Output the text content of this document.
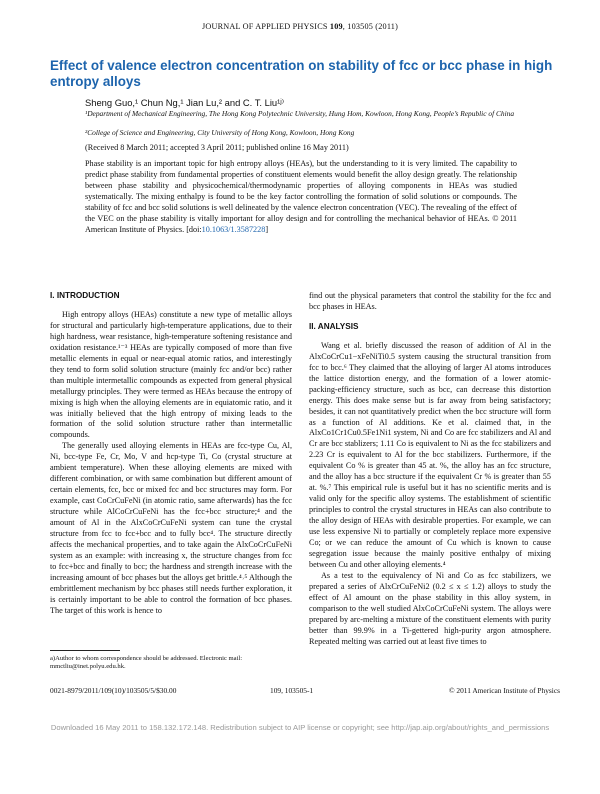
JOURNAL OF APPLIED PHYSICS 109, 103505 (2011)
Effect of valence electron concentration on stability of fcc or bcc phase in high entropy alloys
Sheng Guo,¹ Chun Ng,¹ Jian Lu,² and C. T. Liu¹ʲ⁾
¹Department of Mechanical Engineering, The Hong Kong Polytechnic University, Hung Hom, Kowloon, Hong Kong, People’s Republic of China
²College of Science and Engineering, City University of Hong Kong, Kowloon, Hong Kong
(Received 8 March 2011; accepted 3 April 2011; published online 16 May 2011)
Phase stability is an important topic for high entropy alloys (HEAs), but the understanding to it is very limited. The capability to predict phase stability from fundamental properties of constituent elements would benefit the alloy design greatly. The relationship between phase stability and physicochemical/thermodynamic properties of alloying components in HEAs was studied systematically. The mixing enthalpy is found to be the key factor controlling the formation of solid solutions or compounds. The stability of fcc and bcc solid solutions is well delineated by the valence electron concentration (VEC). The revealing of the effect of the VEC on the phase stability is vitally important for alloy design and for controlling the mechanical behavior of HEAs. © 2011 American Institute of Physics. [doi:10.1063/1.3587228]
I. INTRODUCTION

High entropy alloys (HEAs) constitute a new type of metallic alloys for structural and particularly high-temperature applications, due to their high hardness, wear resistance, high-temperature softening resistance and oxidation resistance.¹⁻³ HEAs are typically composed of more than five metallic elements in equal or near-equal atomic ratios, and interestingly they tend to form solid solution structure (mainly fcc and/or bcc) rather than multiple intermetallic compounds as expected from general physical metallurgy principles. They were termed as HEAs because the entropy of mixing is high when the alloying elements are in equiatomic ratio, and it was initially believed that the high entropy of mixing leads to the formation of the solid solution structure rather than intermetallic compounds.

The generally used alloying elements in HEAs are fcc-type Cu, Al, Ni, bcc-type Fe, Cr, Mo, V and hcp-type Ti, Co (crystal structure at ambient temperature). When these alloying elements are mixed with different combination, or with same combination but different amount of certain elements, fcc, bcc or mixed fcc and bcc structures may form. For example, cast CoCrCuFeNi (in atomic ratio, same afterwards) has the fcc structure while AlCoCrCuFeNi has the fcc+bcc structure;⁴ and the amount of Al in the AlxCoCrCuFeNi system can tune the crystal structure from fcc to fcc+bcc and to fully bcc⁴. The structure directly affects the mechanical properties, and to take again the AlxCoCrCuFeNi system as an example: with increasing x, the structure changes from fcc to fcc+bcc and finally to bcc; the hardness and strength increase with the increasing amount of bcc phases but the alloys get brittle.⁴˒⁵ Although the embrittlement mechanism by bcc phases still needs further exploration, it is certainly important to be able to control the formation of bcc phases. The target of this work is hence to

find out the physical parameters that control the stability for the fcc and bcc phases in HEAs.

II. ANALYSIS

Wang et al. briefly discussed the reason of addition of Al in the AlxCoCrCu1−xFeNiTi0.5 system causing the structural transition from fcc to bcc.⁶ They claimed that the alloying of larger Al atoms introduces the lattice distortion energy, and the formation of a lower atomic-packing-efficiency structure, such as bcc, can decrease this distortion energy. This does make sense but is far away from being satisfactory; besides, it can not quantitatively predict when the bcc structure will form as a function of Al additions. Ke et al. claimed that, in the AlxCo1Cr1Cu0.5Fe1Ni1 system, Ni and Co are fcc stabilizers and Al and Cr are bcc stablizers; 1.11 Co is equivalent to Ni as the fcc stabilizers and 2.23 Cr is equivalent to Al for the bcc stabilizers. Furthermore, if the equivalent Co % is greater than 45 at. %, the alloy has an fcc structure, and the alloy has a bcc structure if the equivalent Cr % is greater than 55 at. %.⁷ This empirical rule is useful but it has no scientific merits and is valid only for the specific alloy systems. The establishment of scientific principles to control the crystal structures in HEAs can also contribute to the alloy design of HEAs with desirable properties. For example, we can use less expensive Ni to partially or completely replace more expensive Co; or we can reduce the amount of Cu which is known to cause segregation issue because the mainly positive enthalpy of mixing between Cu and other alloying elements.⁴

As a test to the equivalency of Ni and Co as fcc stabilizers, we prepared a series of AlxCrCuFeNi2 (0.2 ≤ x ≤ 1.2) alloys to study the effect of Al amount on the phase stability in this alloy system, in comparison to the well studied AlxCoCrCuFeNi system. The alloys were prepared by arc-melting a mixture of the constituent elements with purity better than 99.9% in a Ti-gettered high-purity argon atmosphere. Repeated melting was carried out at least five times to

a)Author to whom correspondence should be addressed. Electronic mail: mmctliu@inet.polyu.edu.hk.
0021-8979/2011/109(10)/103505/5/$30.00	109, 103505-1	© 2011 American Institute of Physics
Downloaded 16 May 2011 to 158.132.172.148. Redistribution subject to AIP license or copyright; see http://jap.aip.org/about/rights_and_permissions
